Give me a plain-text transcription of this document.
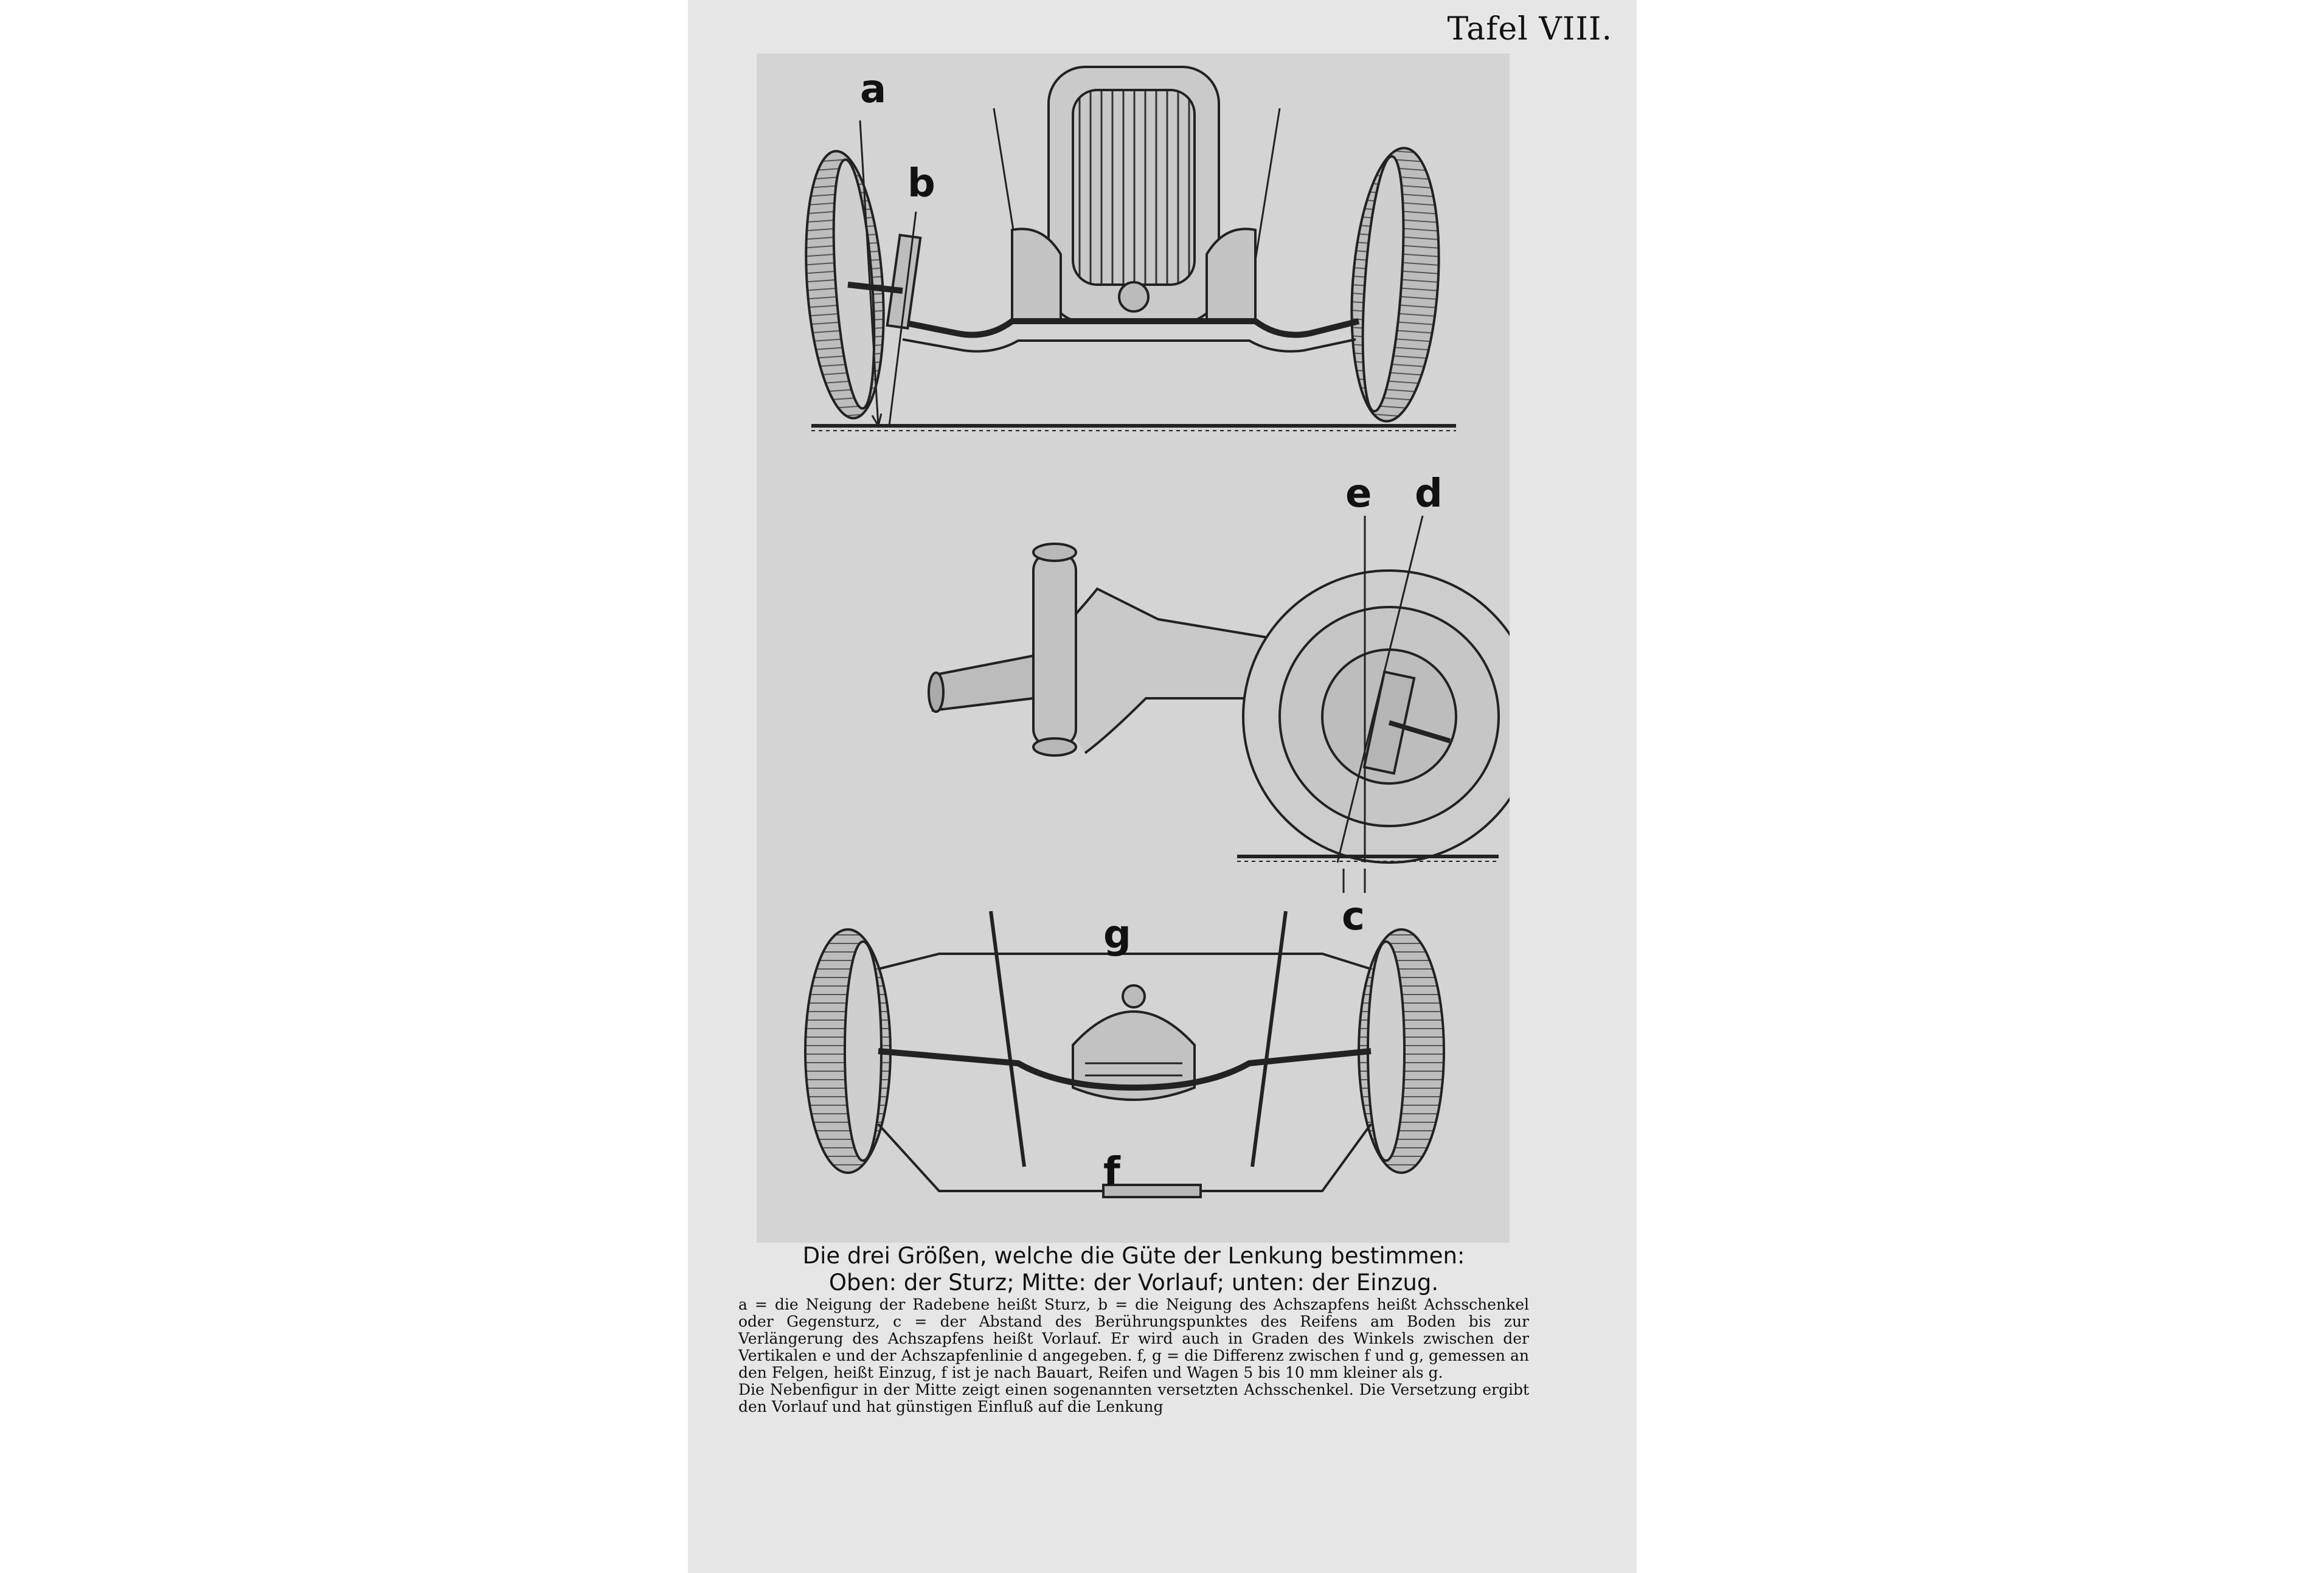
Tafel VIII.
a
b
e d
c
g
f
Die drei Größen, welche die Güte der Lenkung bestimmen:
Oben: der Sturz; Mitte: der Vorlauf; unten: der Einzug.

a = die Neigung der Radebene heißt Sturz, b = die Neigung des Achszapfens heißt Achsschenkel oder Gegensturz, c = der Abstand des Berührungspunktes des Reifens am Boden bis zur Verlängerung des Achszapfens heißt Vorlauf. Er wird auch in Graden des Winkels zwischen der Vertikalen e und der Achszapfenlinie d angegeben. f, g = die Differenz zwischen f und g, gemessen an den Felgen, heißt Einzug, f ist je nach Bauart, Reifen und Wagen 5 bis 10 mm kleiner als g.

Die Nebenfigur in der Mitte zeigt einen sogenannten versetzten Achsschenkel. Die Versetzung ergibt den Vorlauf und hat günstigen Einfluß auf die Lenkung
